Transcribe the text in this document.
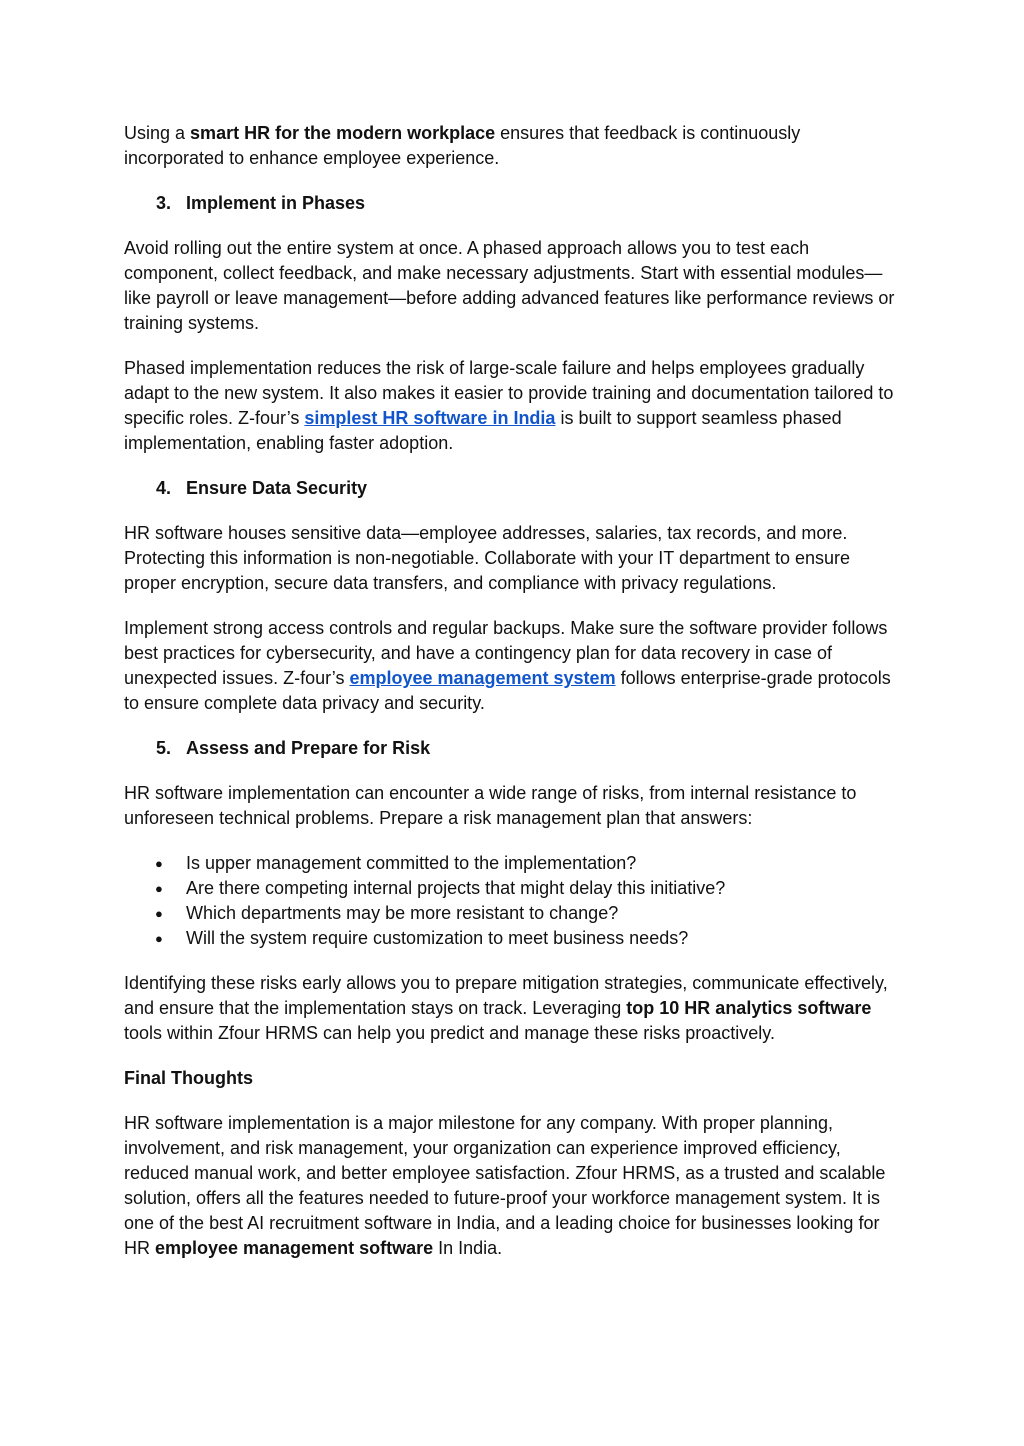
Using a smart HR for the modern workplace ensures that feedback is continuously incorporated to enhance employee experience.

3. Implement in Phases

Avoid rolling out the entire system at once. A phased approach allows you to test each component, collect feedback, and make necessary adjustments. Start with essential modules—like payroll or leave management—before adding advanced features like performance reviews or training systems.

Phased implementation reduces the risk of large-scale failure and helps employees gradually adapt to the new system. It also makes it easier to provide training and documentation tailored to specific roles. Z-four’s simplest HR software in India is built to support seamless phased implementation, enabling faster adoption.

4. Ensure Data Security

HR software houses sensitive data—employee addresses, salaries, tax records, and more. Protecting this information is non-negotiable. Collaborate with your IT department to ensure proper encryption, secure data transfers, and compliance with privacy regulations.

Implement strong access controls and regular backups. Make sure the software provider follows best practices for cybersecurity, and have a contingency plan for data recovery in case of unexpected issues. Z-four’s employee management system follows enterprise-grade protocols to ensure complete data privacy and security.

5. Assess and Prepare for Risk

HR software implementation can encounter a wide range of risks, from internal resistance to unforeseen technical problems. Prepare a risk management plan that answers:

●	Is upper management committed to the implementation?
●	Are there competing internal projects that might delay this initiative?
●	Which departments may be more resistant to change?
●	Will the system require customization to meet business needs?

Identifying these risks early allows you to prepare mitigation strategies, communicate effectively, and ensure that the implementation stays on track. Leveraging top 10 HR analytics software tools within Zfour HRMS can help you predict and manage these risks proactively.

Final Thoughts

HR software implementation is a major milestone for any company. With proper planning, involvement, and risk management, your organization can experience improved efficiency, reduced manual work, and better employee satisfaction. Zfour HRMS, as a trusted and scalable solution, offers all the features needed to future-proof your workforce management system. It is one of the best AI recruitment software in India, and a leading choice for businesses looking for HR employee management software In India.
